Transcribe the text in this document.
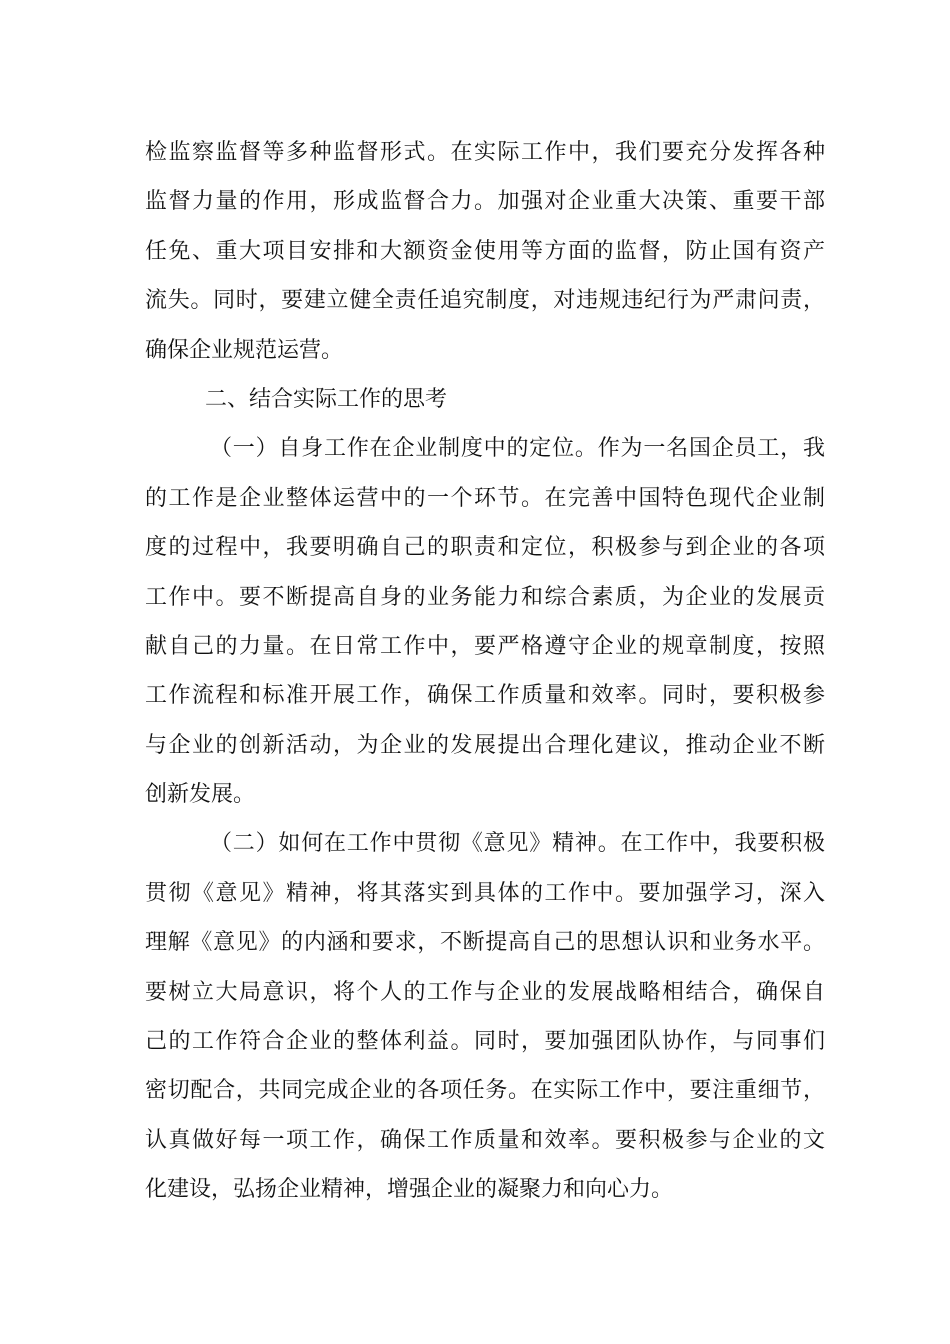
检监察监督等多种监督形式。在实际工作中，我们要充分发挥各种
监督力量的作用，形成监督合力。加强对企业重大决策、重要干部
任免、重大项目安排和大额资金使用等方面的监督，防止国有资产
流失。同时，要建立健全责任追究制度，对违规违纪行为严肃问责，
确保企业规范运营。
二、结合实际工作的思考
（一）自身工作在企业制度中的定位。作为一名国企员工，我
的工作是企业整体运营中的一个环节。在完善中国特色现代企业制
度的过程中，我要明确自己的职责和定位，积极参与到企业的各项
工作中。要不断提高自身的业务能力和综合素质，为企业的发展贡
献自己的力量。在日常工作中，要严格遵守企业的规章制度，按照
工作流程和标准开展工作，确保工作质量和效率。同时，要积极参
与企业的创新活动，为企业的发展提出合理化建议，推动企业不断
创新发展。
（二）如何在工作中贯彻《意见》精神。在工作中，我要积极
贯彻《意见》精神，将其落实到具体的工作中。要加强学习，深入
理解《意见》的内涵和要求，不断提高自己的思想认识和业务水平。
要树立大局意识，将个人的工作与企业的发展战略相结合，确保自
己的工作符合企业的整体利益。同时，要加强团队协作，与同事们
密切配合，共同完成企业的各项任务。在实际工作中，要注重细节，
认真做好每一项工作，确保工作质量和效率。要积极参与企业的文
化建设，弘扬企业精神，增强企业的凝聚力和向心力。
